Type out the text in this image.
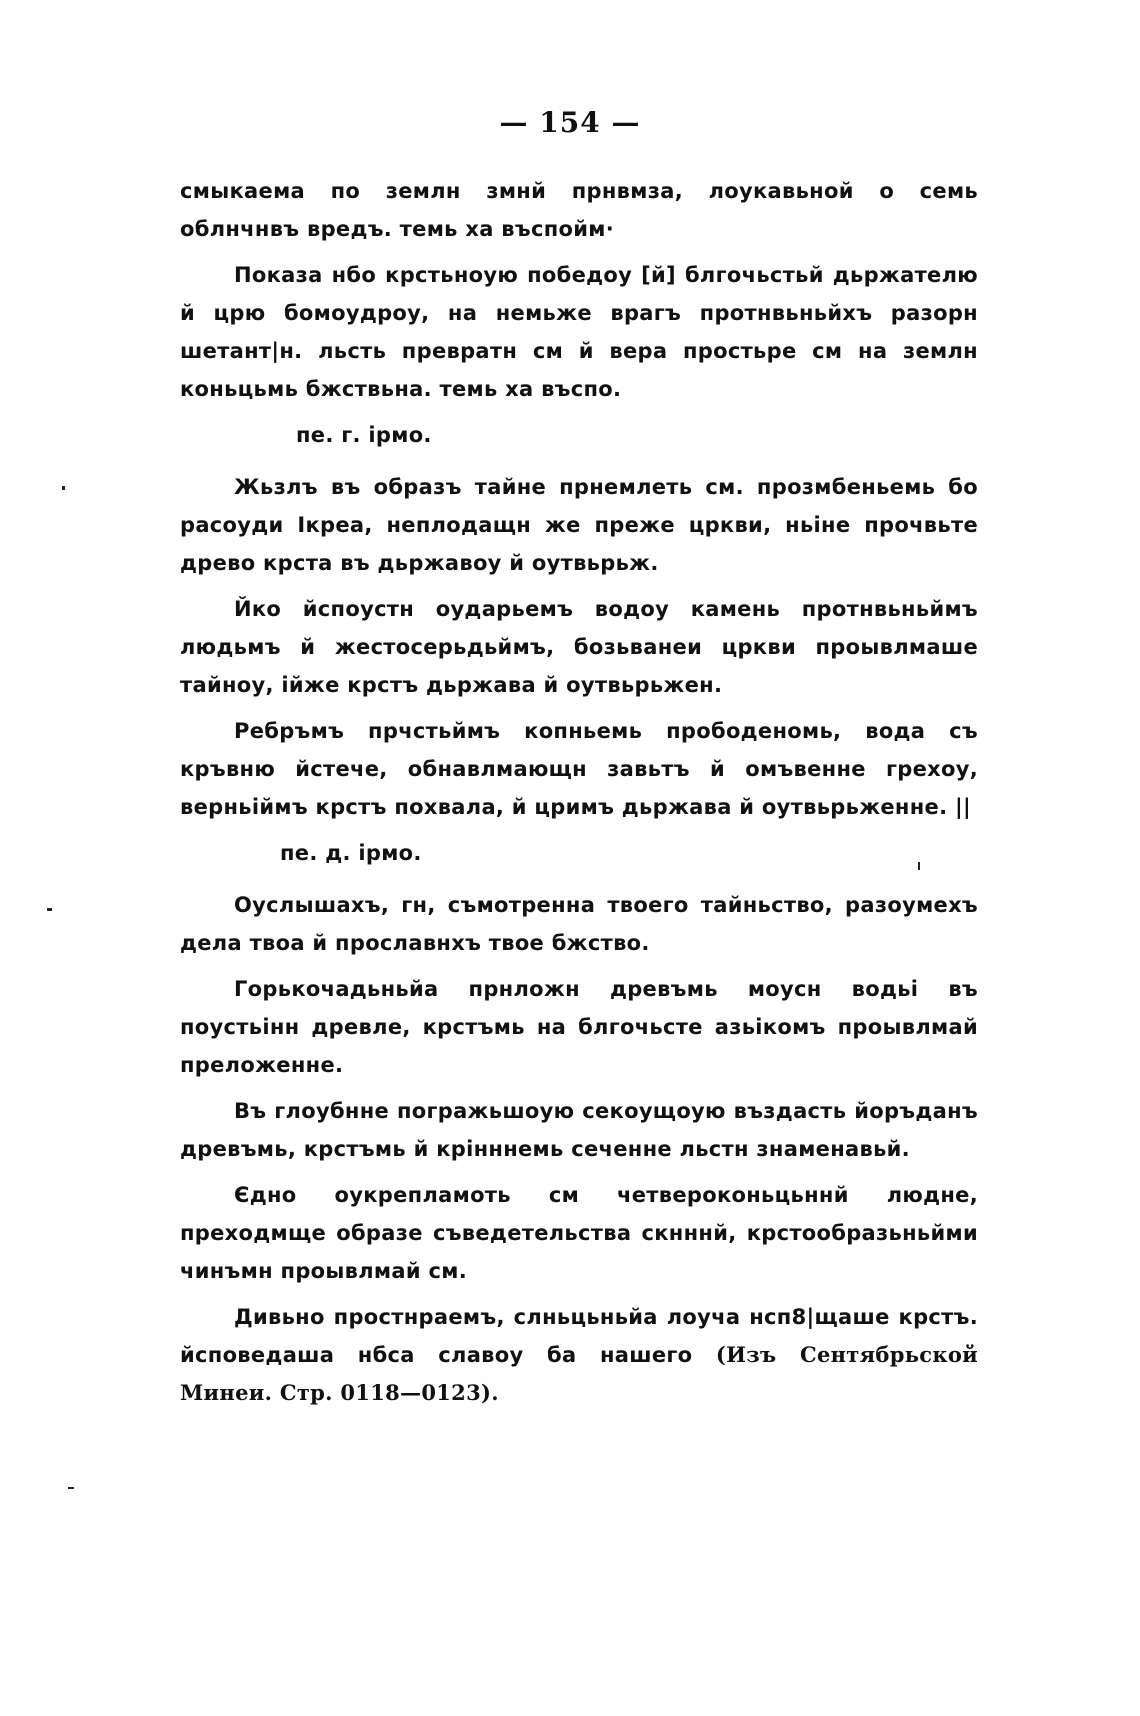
— 154 —

смыкаема по землн змнй прнвмза, лоукавьной о семь облнчнвъ вредъ. темь ха въспойм·

Показа нбо крстьноую победоу [й] блгочьстьй дьржателю й црю бомоудроу, на немьже врагъ протнвьньйхъ разорн шетант|н. льсть превратн см й вера простьре см на землн коньцьмь бжствьна. темь ха въспо.

пе. г. ірмо.

Жьзлъ въ образъ тайне прнемлеть см. прозмбеньемь бо расоуди Ікреа, неплодащн же преже цркви, ньіне прочвьте древо крста въ дьржавоу й оутвьрьж.

Йко йспоустн оударьемъ водоу камень протнвьньймъ людьмъ й жестосерьдьймъ, бозьванеи цркви проывлмаше тайноу, ійже крстъ дьржава й оутвьрьжен.

Ребръмъ прчстьймъ копньемь прободеномь, вода съ кръвню йстече, обнавлмающн завьтъ й омъвенне грехоу, верньіймъ крстъ похвала, й цримъ дьржава й оутвьрьженне. ||

пе. д. ірмо.

Оуслышахъ, гн, съмотренна твоего тайньство, разоумехъ дела твоа й прославнхъ твое бжство.

Горькочадьньйа прнложн древъмь моусн водьі въ поустьінн древле, крстъмь на блгочьсте азьікомъ проывлмай преложенне.

Въ глоубнне погражьшоую секоущоую въздасть йоръданъ древъмь, крстъмь й крінннемь сеченне льстн знаменавьй.

Єдно оукрепламоть см четвероконьцьннй людне, преходмще образе съведетельства скнннй, крстообразьньйми чинъмн проывлмай см.

Дивьно простнраемъ, слньцьньйа лоуча нсп8|щаше крстъ. йсповедаша нбса славоу ба нашего (Изъ Сентябрьской Минеи. Стр. 0118—0123).
